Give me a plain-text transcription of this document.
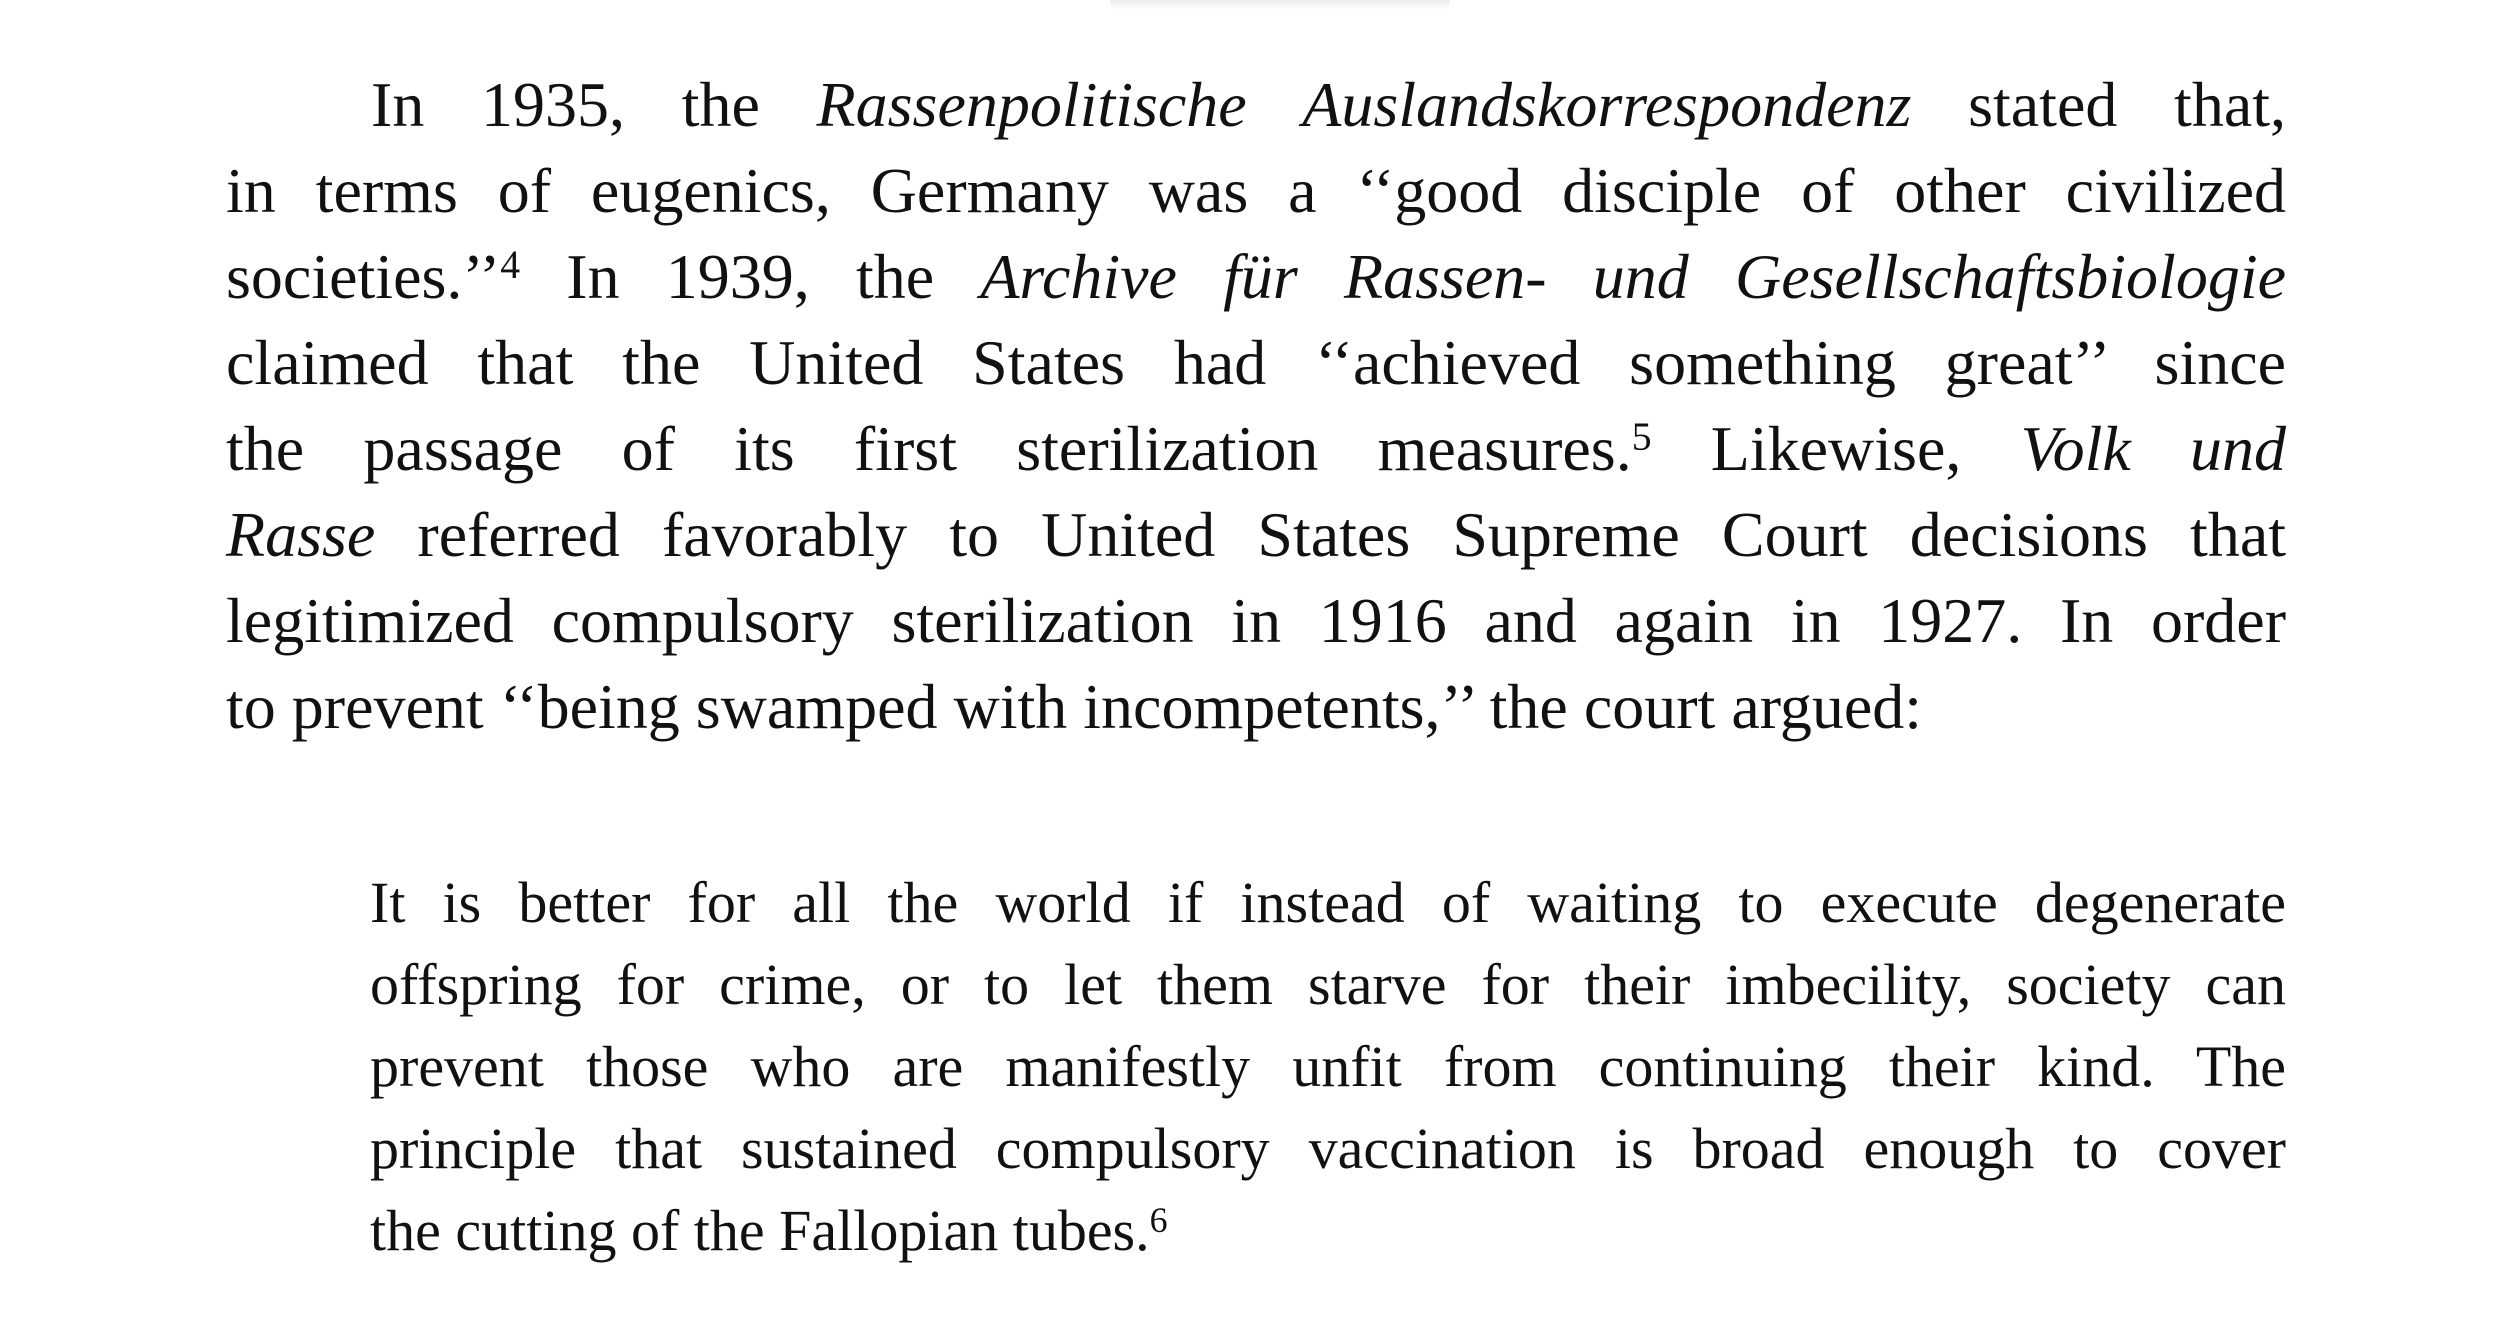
In 1935, the Rassenpolitische Auslandskorrespondenz stated that,
in terms of eugenics, Germany was a ‘‘good disciple of other civilized
societies.’’$^4$ In 1939, the Archive für Rassen- und Gesellschaftsbiologie
claimed that the United States had ‘‘achieved something great’’ since
the passage of its first sterilization measures.$^5$ Likewise, Volk und
Rasse referred favorably to United States Supreme Court decisions that
legitimized compulsory sterilization in 1916 and again in 1927. In order
to prevent ‘‘being swamped with incompetents,’’ the court argued:
It is better for all the world if instead of waiting to execute degenerate
offspring for crime, or to let them starve for their imbecility, society can
prevent those who are manifestly unfit from continuing their kind. The
principle that sustained compulsory vaccination is broad enough to cover
the cutting of the Fallopian tubes.$^6$
